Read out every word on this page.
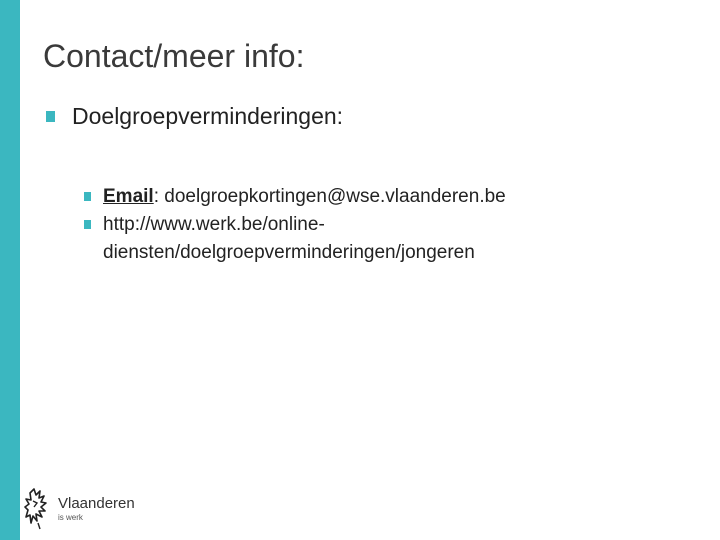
Contact/meer info:
Doelgroepverminderingen:
Email: doelgroepkortingen@wse.vlaanderen.be
http://www.werk.be/online-
diensten/doelgroepverminderingen/jongeren
Vlaanderen
is werk
